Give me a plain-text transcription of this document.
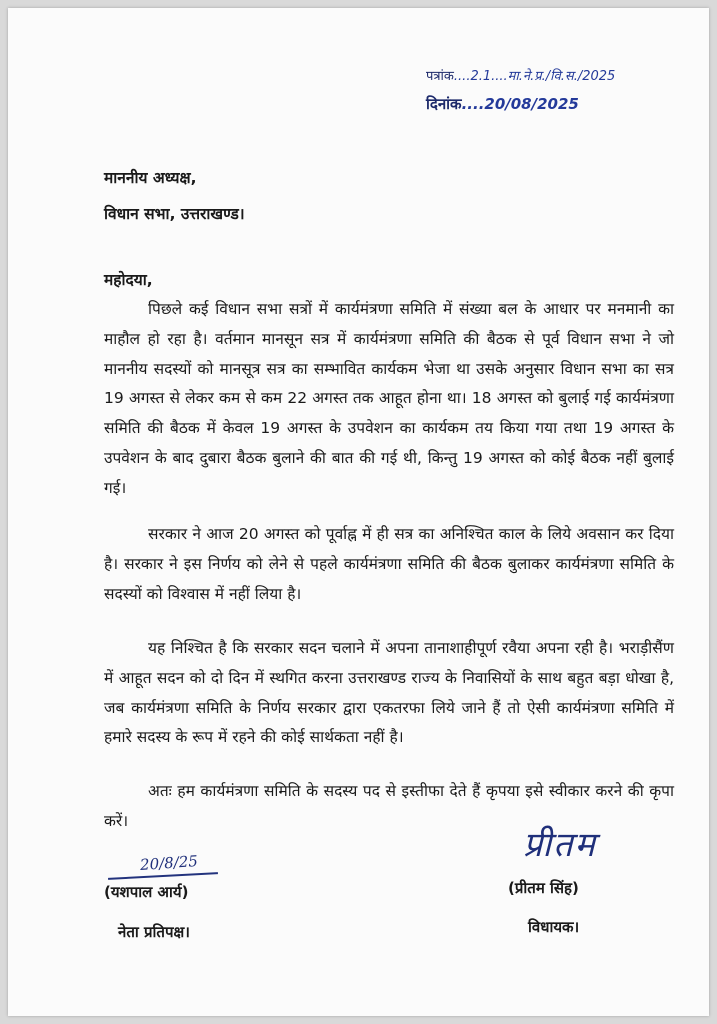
पत्रांक....2.1....मा.ने.प्र./वि.स./2025
दिनांक....20/08/2025
माननीय अध्यक्ष,
विधान सभा, उत्तराखण्ड।
महोदया,

पिछले कई विधान सभा सत्रों में कार्यमंत्रणा समिति में संख्या बल के आधार पर मनमानी का माहौल हो रहा है। वर्तमान मानसून सत्र में कार्यमंत्रणा समिति की बैठक से पूर्व विधान सभा ने जो माननीय सदस्यों को मानसूत्र सत्र का सम्भावित कार्यकम भेजा था उसके अनुसार विधान सभा का सत्र 19 अगस्त से लेकर कम से कम 22 अगस्त तक आहूत होना था। 18 अगस्त को बुलाई गई कार्यमंत्रणा समिति की बैठक में केवल 19 अगस्त के उपवेशन का कार्यकम तय किया गया तथा 19 अगस्त के उपवेशन के बाद दुबारा बैठक बुलाने की बात की गई थी, किन्तु 19 अगस्त को कोई बैठक नहीं बुलाई गई।

सरकार ने आज 20 अगस्त को पूर्वाह्न में ही सत्र का अनिश्चित काल के लिये अवसान कर दिया है। सरकार ने इस निर्णय को लेने से पहले कार्यमंत्रणा समिति की बैठक बुलाकर कार्यमंत्रणा समिति के सदस्यों को विश्वास में नहीं लिया है।

यह निश्चित है कि सरकार सदन चलाने में अपना तानाशाहीपूर्ण रवैया अपना रही है। भराड़ीसैंण में आहूत सदन को दो दिन में स्थगित करना उत्तराखण्ड राज्य के निवासियों के साथ बहुत बड़ा धोखा है, जब कार्यमंत्रणा समिति के निर्णय सरकार द्वारा एकतरफा लिये जाने हैं तो ऐसी कार्यमंत्रणा समिति में हमारे सदस्य के रूप में रहने की कोई सार्थकता नहीं है।

अतः हम कार्यमंत्रणा समिति के सदस्य पद से इस्तीफा देते हैं कृपया इसे स्वीकार करने की कृपा करें।

20/8/25
(यशपाल आर्य)
नेता प्रतिपक्ष।
प्रीतम
(प्रीतम सिंह)
विधायक।
